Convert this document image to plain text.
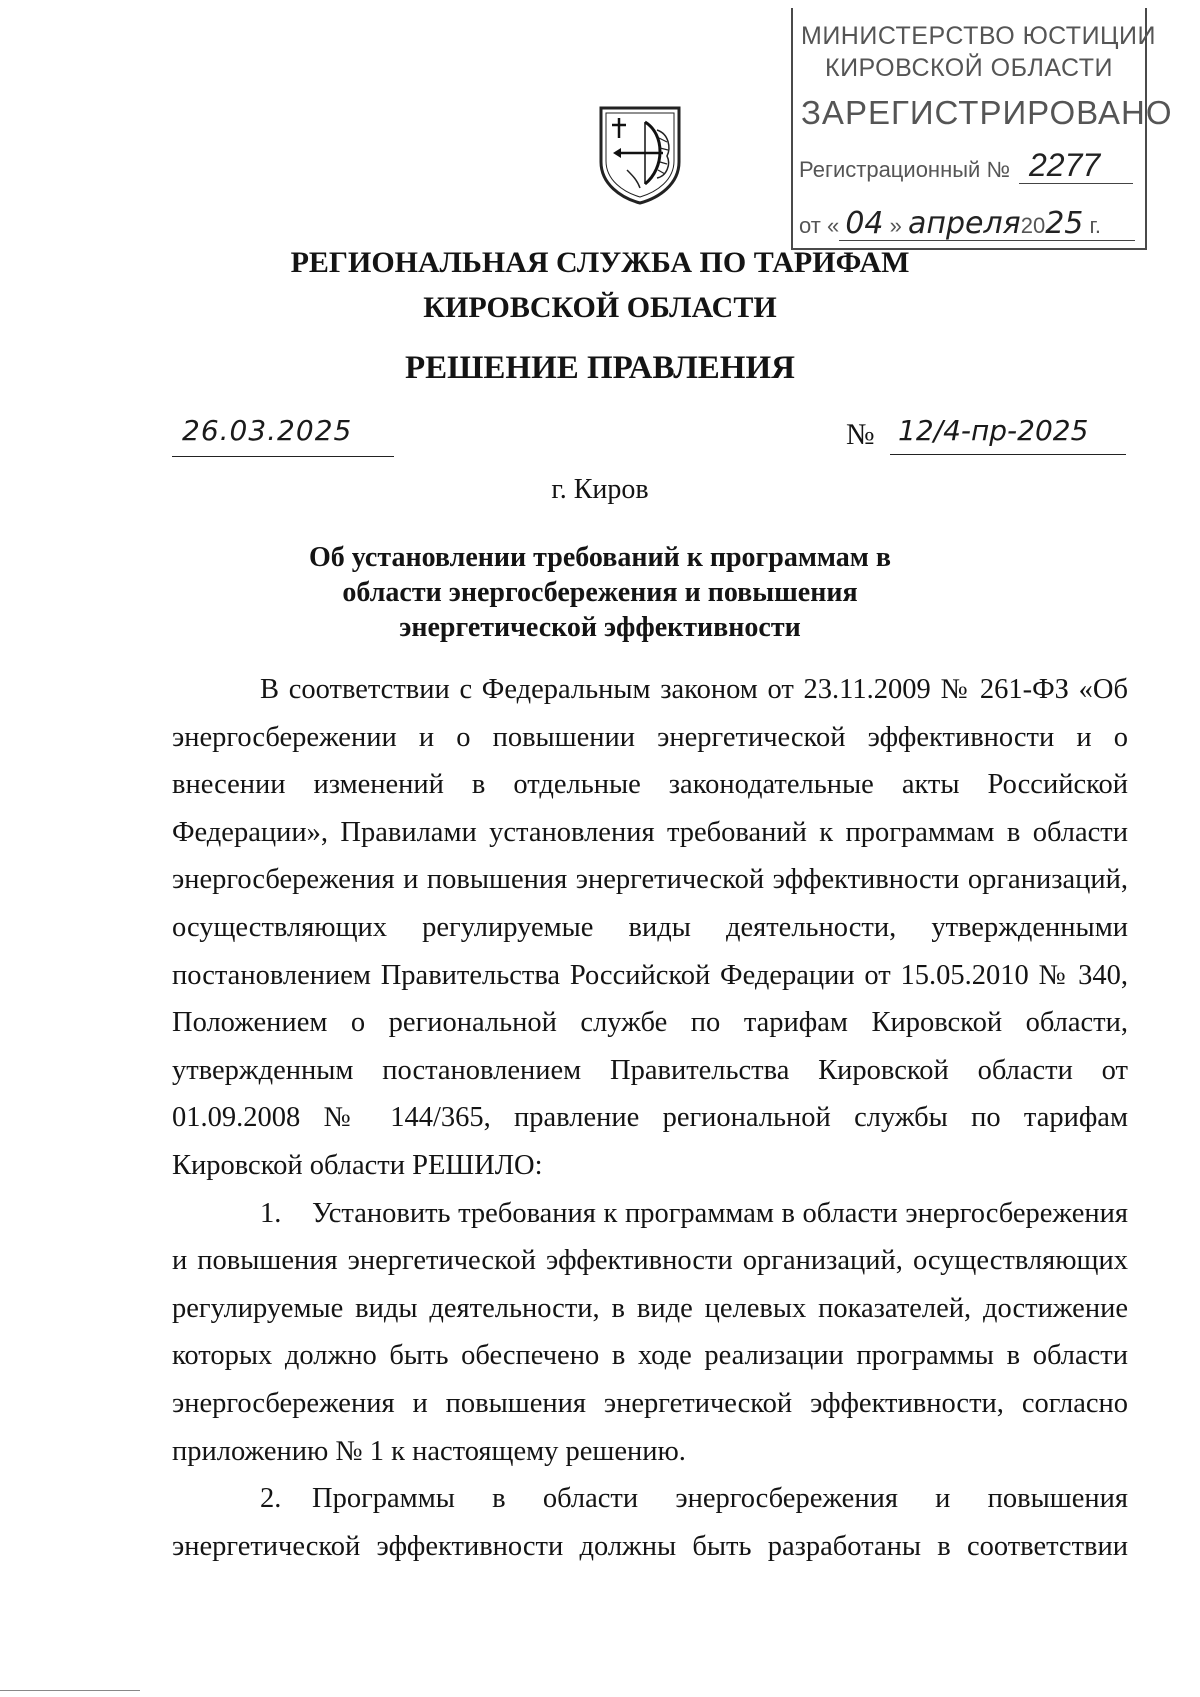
МИНИСТЕРСТВО ЮСТИЦИИ
КИРОВСКОЙ ОБЛАСТИ
ЗАРЕГИСТРИРОВАНО
Регистрационный № 2277
от « 04 » апреля2025 г.
РЕГИОНАЛЬНАЯ СЛУЖБА ПО ТАРИФАМ
КИРОВСКОЙ ОБЛАСТИ
РЕШЕНИЕ ПРАВЛЕНИЯ
26.03.2025	№ 12/4-пр-2025
г. Киров
Об установлении требований к программам в
области энергосбережения и повышения
энергетической эффективности

В соответствии с Федеральным законом от 23.11.2009 № 261-ФЗ «Об энергосбережении и о повышении энергетической эффективности и о внесении изменений в отдельные законодательные акты Российской Федерации», Правилами установления требований к программам в области энергосбережения и повышения энергетической эффективности организаций, осуществляющих регулируемые виды деятельности, утвержденными постановлением Правительства Российской Федерации от 15.05.2010 № 340, Положением о региональной службе по тарифам Кировской области, утвержденным постановлением Правительства Кировской области от 01.09.2008 № 144/365, правление региональной службы по тарифам Кировской области РЕШИЛО:

1. Установить требования к программам в области энергосбережения и повышения энергетической эффективности организаций, осуществляющих регулируемые виды деятельности, в виде целевых показателей, достижение которых должно быть обеспечено в ходе реализации программы в области энергосбережения и повышения энергетической эффективности, согласно приложению № 1 к настоящему решению.

2. Программы в области энергосбережения и повышения энергетической эффективности должны быть разработаны в соответствии
